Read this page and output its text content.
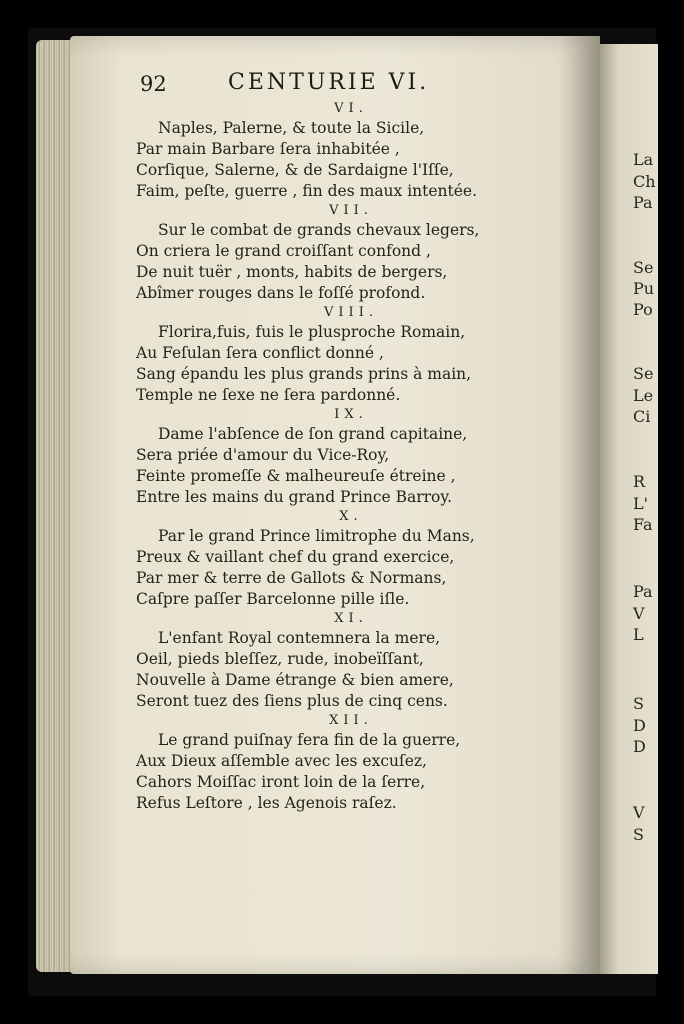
92	CENTURIE VI.
VI.
Naples, Palerne, & toute la Sicile,
Par main Barbare ſera inhabitée ,
Corſique, Salerne, & de Sardaigne l'Iſſe,
Faim, peſte, guerre , fin des maux intentée.
VII.
Sur le combat de grands chevaux legers,
On criera le grand croiſſant confond ,
De nuit tuër , monts, habits de bergers,
Abîmer rouges dans le foſſé profond.
VIII.
Florira,fuis, fuis le plusproche Romain,
Au Feſulan ſera conflict donné ,
Sang épandu les plus grands prins à main,
Temple ne ſexe ne ſera pardonné.
IX.
Dame l'abſence de ſon grand capitaine,
Sera priée d'amour du Vice-Roy,
Feinte promeſſe & malheureuſe étreine ,
Entre les mains du grand Prince Barroy.
X.
Par le grand Prince limitrophe du Mans,
Preux & vaillant chef du grand exercice,
Par mer & terre de Gallots & Normans,
Caſpre paſſer Barcelonne pille iſle.
XI.
L'enfant Royal contemnera la mere,
Oeil, pieds bleſſez, rude, inobeïſſant,
Nouvelle à Dame étrange & bien amere,
Seront tuez des ſiens plus de cinq cens.
XII.
Le grand puiſnay fera fin de la guerre,
Aux Dieux aſſemble avec les excuſez,
Cahors Moiſſac iront loin de la ſerre,
Refus Leſtore , les Agenois raſez.
La
Ch
Pa
Se
Pu
Po
Se
Le
Ci
R
L'
Fa
Pa
V
L
S
D
D
V
S
